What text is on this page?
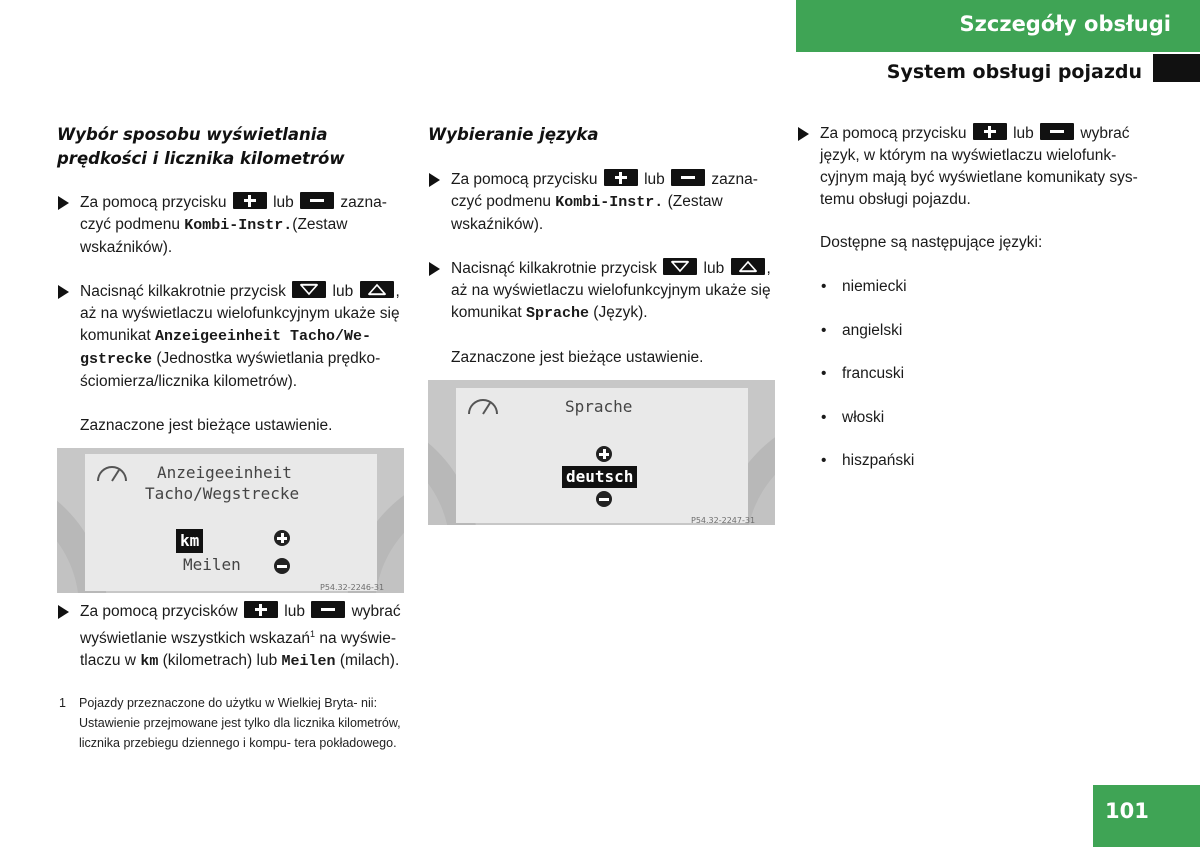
Szczegóły obsługi
System obsługi pojazdu
Wybór sposobu wyświetlania prędkości i licznika kilometrów
Za pomocą przycisku	lub	zazna- czyć podmenu Kombi-Instr.(Zestaw wskaźników).
Nacisnąć kilkakrotnie przycisk	lub	, aż na wyświetlaczu wielofunkcyjnym ukaże się komunikat Anzeigeeinheit Tacho/We- gstrecke (Jednostka wyświetlania prędko- ściomierza/licznika kilometrów).
Zaznaczone jest bieżące ustawienie.
Anzeigeeinheit
Tacho/Wegstrecke
km
Meilen
P54.32-2246-31
Za pomocą przycisków	lub	wybrać wyświetlanie wszystkich wskazań$^1$ na wyświe- tlaczu w km (kilometrach) lub Meilen (milach).
1 Pojazdy przeznaczone do użytku w Wielkiej Bryta- nii: Ustawienie przejmowane jest tylko dla licznika kilometrów, licznika przebiegu dziennego i kompu- tera pokładowego.
Wybieranie języka
Za pomocą przycisku	lub	zazna- czyć podmenu Kombi-Instr. (Zestaw wskaźników).
Nacisnąć kilkakrotnie przycisk	lub	, aż na wyświetlaczu wielofunkcyjnym ukaże się komunikat Sprache (Język).
Zaznaczone jest bieżące ustawienie.
Sprache
deutsch
P54.32-2247-31
Za pomocą przycisku	lub	wybrać język, w którym na wyświetlaczu wielofunk- cyjnym mają być wyświetlane komunikaty sys- temu obsługi pojazdu.
Dostępne są następujące języki:
• niemiecki
• angielski
• francuski
• włoski
• hiszpański
101
